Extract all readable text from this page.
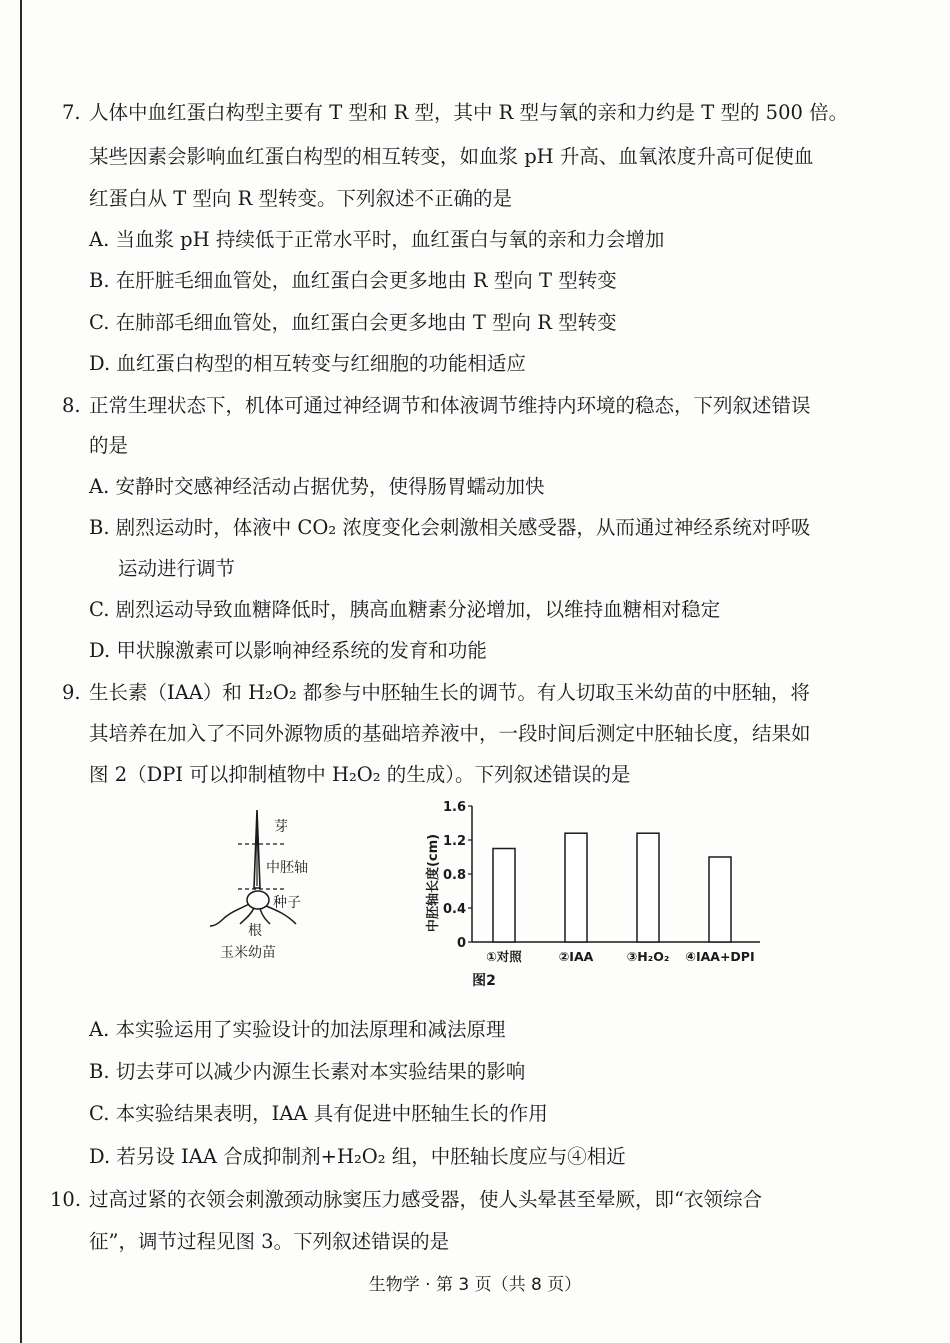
7. 人体中血红蛋白构型主要有 T 型和 R 型，其中 R 型与氧的亲和力约是 T 型的 500 倍。
某些因素会影响血红蛋白构型的相互转变，如血浆 pH 升高、血氧浓度升高可促使血
红蛋白从 T 型向 R 型转变。下列叙述不正确的是
A. 当血浆 pH 持续低于正常水平时，血红蛋白与氧的亲和力会增加
B. 在肝脏毛细血管处，血红蛋白会更多地由 R 型向 T 型转变
C. 在肺部毛细血管处，血红蛋白会更多地由 T 型向 R 型转变
D. 血红蛋白构型的相互转变与红细胞的功能相适应
8. 正常生理状态下，机体可通过神经调节和体液调节维持内环境的稳态，下列叙述错误
的是
A. 安静时交感神经活动占据优势，使得肠胃蠕动加快
B. 剧烈运动时，体液中 CO₂ 浓度变化会刺激相关感受器，从而通过神经系统对呼吸
运动进行调节
C. 剧烈运动导致血糖降低时，胰高血糖素分泌增加，以维持血糖相对稳定
D. 甲状腺激素可以影响神经系统的发育和功能
9. 生长素（IAA）和 H₂O₂ 都参与中胚轴生长的调节。有人切取玉米幼苗的中胚轴，将
其培养在加入了不同外源物质的基础培养液中，一段时间后测定中胚轴长度，结果如
图 2（DPI 可以抑制植物中 H₂O₂ 的生成）。下列叙述错误的是
芽
中胚轴
种子
根
玉米幼苗
0
0.4
0.8
1.2
1.6
①对照	②IAA	③H₂O₂ ④IAA+DPI
中胚轴长度(cm)
图2
A. 本实验运用了实验设计的加法原理和减法原理
B. 切去芽可以减少内源生长素对本实验结果的影响
C. 本实验结果表明，IAA 具有促进中胚轴生长的作用
D. 若另设 IAA 合成抑制剂+H₂O₂ 组，中胚轴长度应与④相近
10. 过高过紧的衣领会刺激颈动脉窦压力感受器，使人头晕甚至晕厥，即“衣领综合
征”，调节过程见图 3。下列叙述错误的是
生物学 · 第 3 页（共 8 页）
